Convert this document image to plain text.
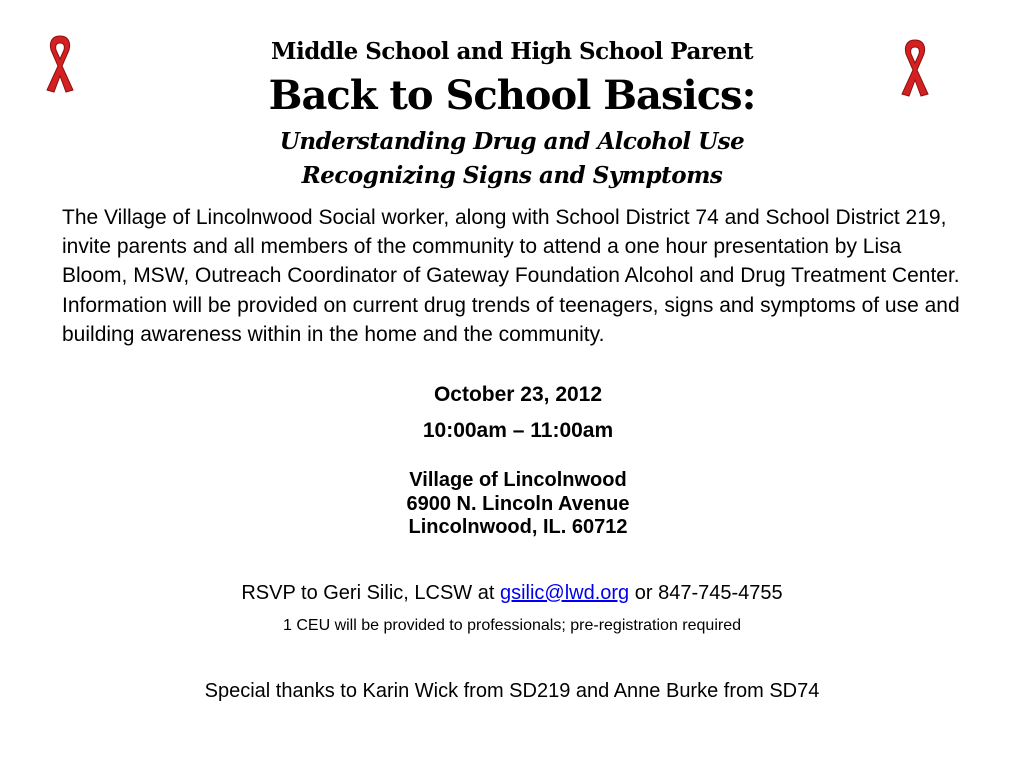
Middle School and High School Parent

Back to School Basics:

Understanding Drug and Alcohol Use

Recognizing Signs and Symptoms

The Village of Lincolnwood Social worker, along with School District 74 and School District 219, invite parents and all members of the community to attend a one hour presentation by Lisa Bloom, MSW, Outreach Coordinator of Gateway Foundation Alcohol and Drug Treatment Center. Information will be provided on current drug trends of teenagers, signs and symptoms of use and building awareness within in the home and the community.

October 23, 2012

10:00am – 11:00am

Village of Lincolnwood

6900 N. Lincoln Avenue

Lincolnwood, IL. 60712

RSVP to Geri Silic, LCSW at gsilic@lwd.org or 847-745-4755

1 CEU will be provided to professionals; pre-registration required

Special thanks to Karin Wick from SD219 and Anne Burke from SD74
